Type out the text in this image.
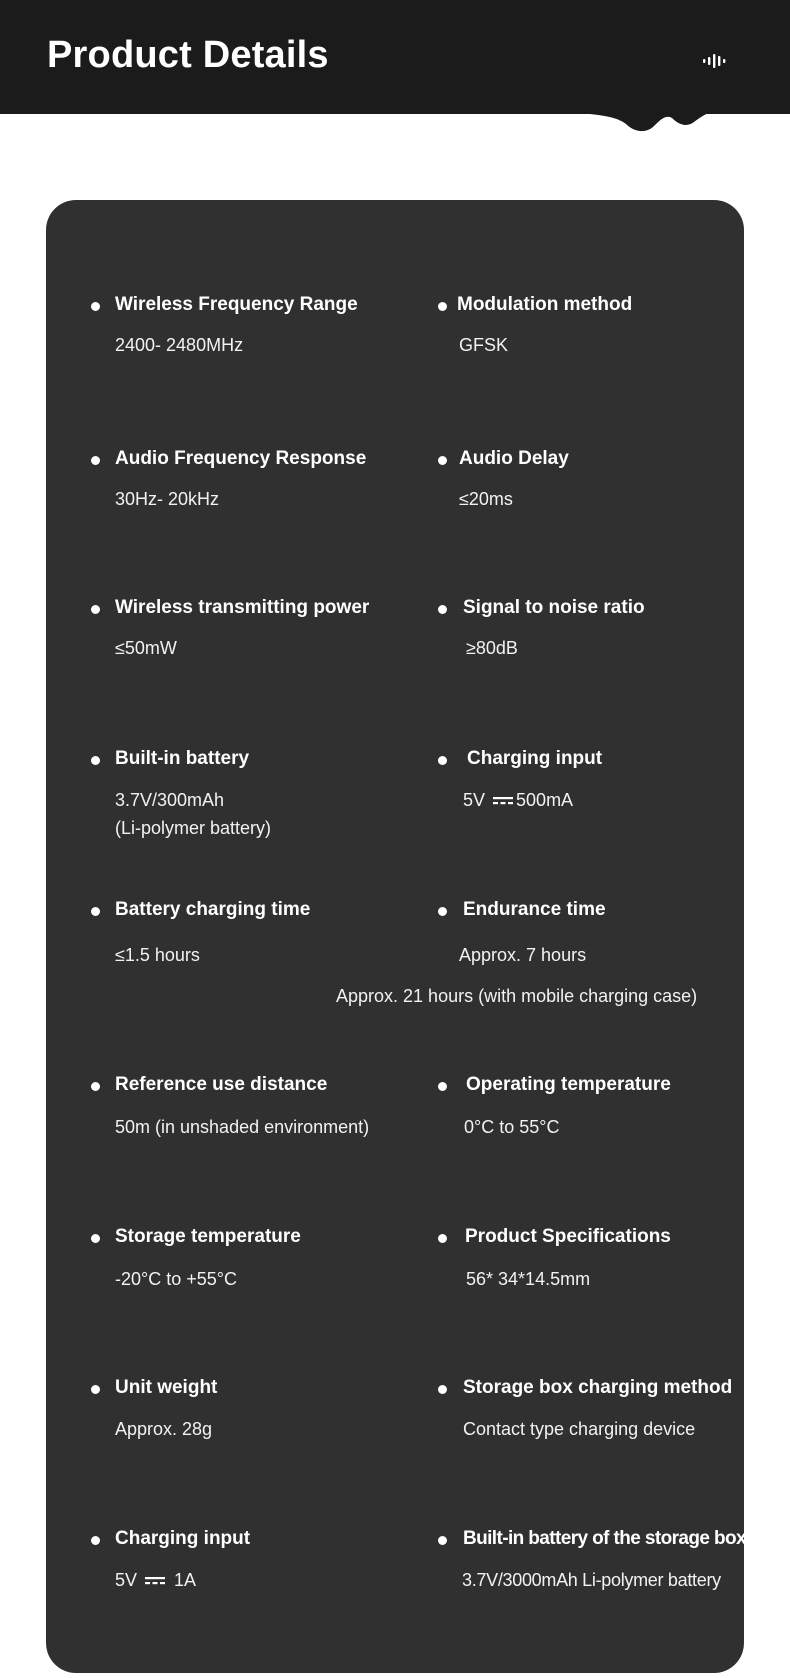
Product Details
Wireless Frequency Range
2400- 2480MHz
Modulation method
GFSK
Audio Frequency Response
30Hz- 20kHz
Audio Delay
≤20ms
Wireless transmitting power
≤50mW
Signal to noise ratio
≥80dB
Built-in battery
3.7V/300mAh
(Li-polymer battery)
Charging input
5V 500mA
Battery charging time
≤1.5 hours
Endurance time
Approx. 7 hours
Approx. 21 hours (with mobile charging case)
Reference use distance
50m (in unshaded environment)
Operating temperature
0°C to 55°C
Storage temperature
-20°C to +55°C
Product Specifications
56* 34*14.5mm
Unit weight
Approx. 28g
Storage box charging method
Contact type charging device
Charging input
5V 1A
Built-in battery of the storage box
3.7V/3000mAh Li-polymer battery
